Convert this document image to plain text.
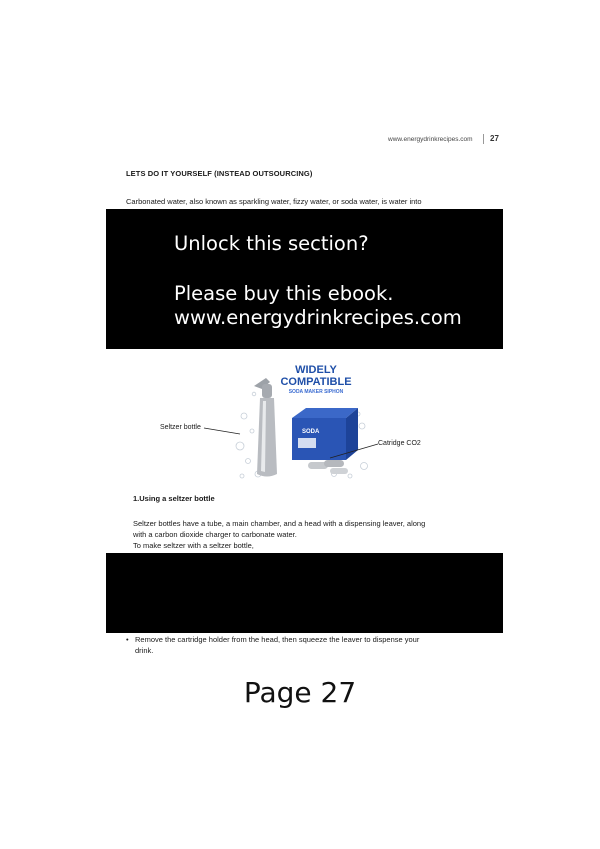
www.energydrinkrecipes.com 27
LETS DO IT YOURSELF (INSTEAD OUTSOURCING)
Carbonated water, also known as sparkling water, fizzy water, or soda water, is water into
Unlock this section?
Please buy this ebook.
www.energydrinkrecipes.com
WIDELY
COMPATIBLE
SODA MAKER SIPHON
SODA
Seltzer bottle
Catridge CO2
1.Using a seltzer bottle
Seltzer bottles have a tube, a main chamber, and a head with a dispensing leaver, along
with a carbon dioxide charger to carbonate water.
To make seltzer with a seltzer bottle,
• Remove the cartridge holder from the head, then squeeze the leaver to dispense your
drink.
Page 27
